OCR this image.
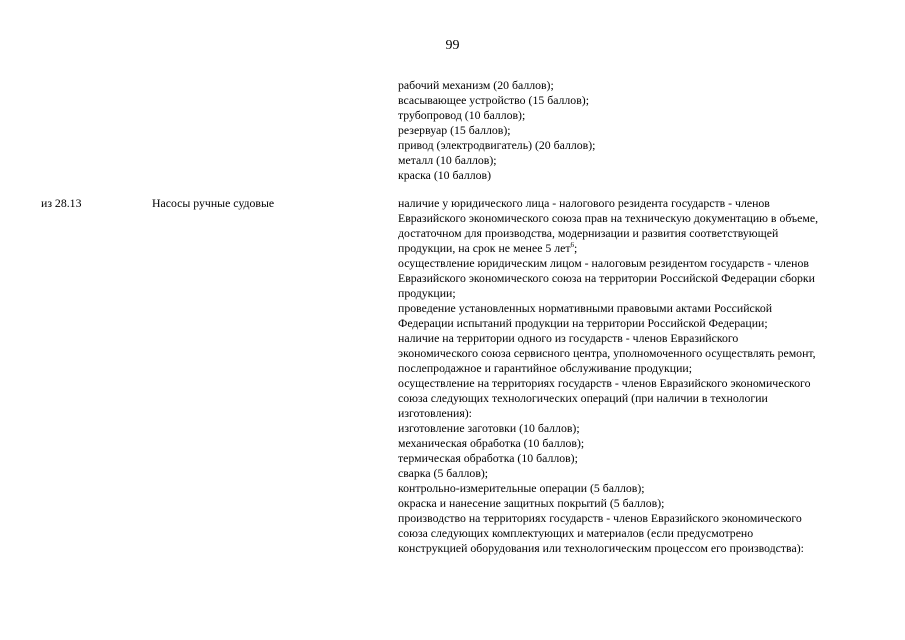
99
рабочий механизм (20 баллов);
всасывающее устройство (15 баллов);
трубопровод (10 баллов);
резервуар (15 баллов);
привод (электродвигатель) (20 баллов);
металл (10 баллов);
краска (10 баллов)
из 28.13	Насосы ручные судовые	наличие у юридического лица - налогового резидента государств - членов
Евразийского экономического союза прав на техническую документацию в объеме,
достаточном для производства, модернизации и развития соответствующей
продукции, на срок не менее 5 лет$^6$;
осуществление юридическим лицом - налоговым резидентом государств - членов
Евразийского экономического союза на территории Российской Федерации сборки
продукции;
проведение установленных нормативными правовыми актами Российской
Федерации испытаний продукции на территории Российской Федерации;
наличие на территории одного из государств - членов Евразийского
экономического союза сервисного центра, уполномоченного осуществлять ремонт,
послепродажное и гарантийное обслуживание продукции;
осуществление на территориях государств - членов Евразийского экономического
союза следующих технологических операций (при наличии в технологии
изготовления):
изготовление заготовки (10 баллов);
механическая обработка (10 баллов);
термическая обработка (10 баллов);
сварка (5 баллов);
контрольно-измерительные операции (5 баллов);
окраска и нанесение защитных покрытий (5 баллов);
производство на территориях государств - членов Евразийского экономического
союза следующих комплектующих и материалов (если предусмотрено
конструкцией оборудования или технологическим процессом его производства):
